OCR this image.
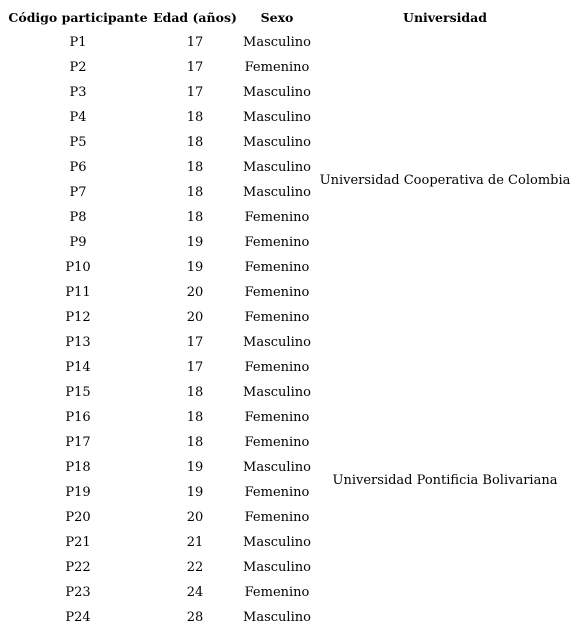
Código participante	Edad (años)	Sexo	Universidad
P1	17	Masculino	Universidad Cooperativa de Colombia
P2	17	Femenino	
P3	17	Masculino	
P4	18	Masculino	
P5	18	Masculino	
P6	18	Masculino	
P7	18	Masculino	
P8	18	Femenino	
P9	19	Femenino	
P10	19	Femenino	
P11	20	Femenino	
P12	20	Femenino	
P13	17	Masculino	Universidad Pontificia Bolivariana
P14	17	Femenino	
P15	18	Masculino	
P16	18	Femenino	
P17	18	Femenino	
P18	19	Masculino	
P19	19	Femenino	
P20	20	Femenino	
P21	21	Masculino	
P22	22	Masculino	
P23	24	Femenino	
P24	28	Masculino	
